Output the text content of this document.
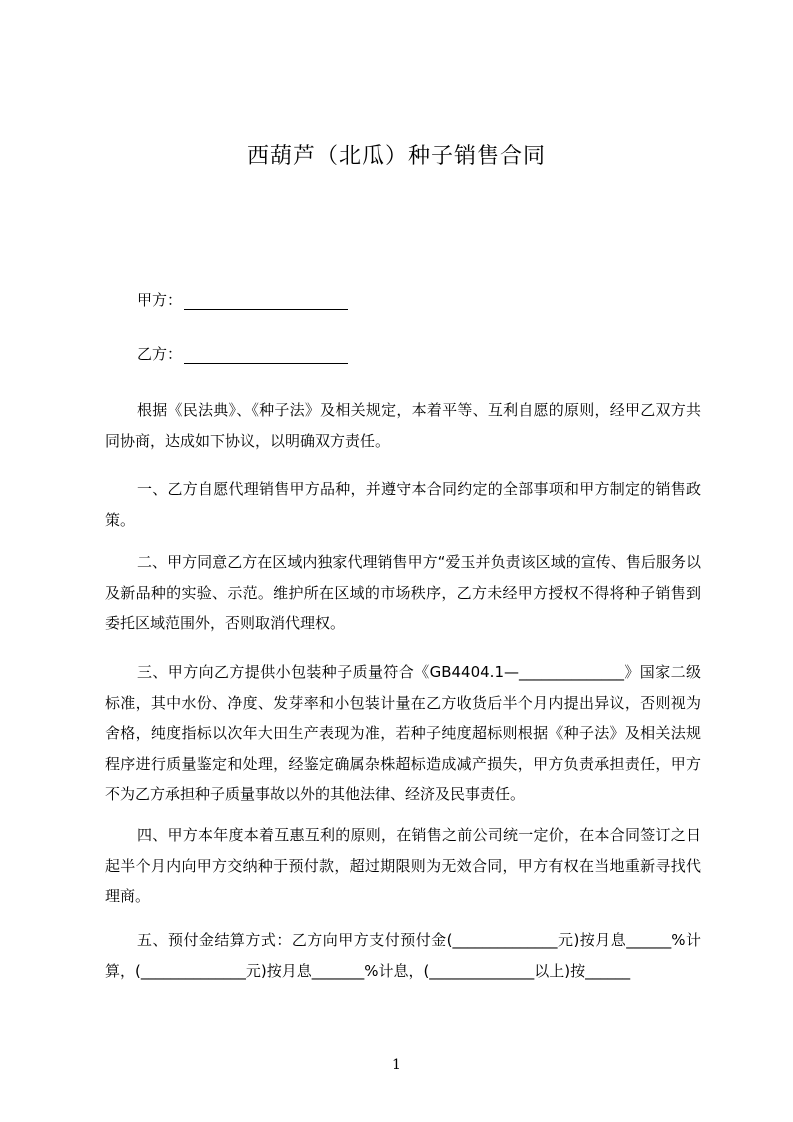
西葫芦（北瓜）种子销售合同
甲方：
乙方：

根据《民法典》、《种子法》及相关规定，本着平等、互利自愿的原则，经甲乙双方共同协商，达成如下协议，以明确双方责任。

一、乙方自愿代理销售甲方品种，并遵守本合同约定的全部事项和甲方制定的销售政策。

二、甲方同意乙方在区域内独家代理销售甲方“爱玉并负责该区域的宣传、售后服务以及新品种的实验、示范。维护所在区域的市场秩序，乙方未经甲方授权不得将种子销售到委托区域范围外，否则取消代理权。

三、甲方向乙方提供小包装种子质量符合《GB4404.1—______________》国家二级标准，其中水份、净度、发芽率和小包装计量在乙方收货后半个月内提出异议，否则视为舍格，纯度指标以次年大田生产表现为准，若种子纯度超标则根据《种子法》及相关法规程序进行质量鉴定和处理，经鉴定确属杂株超标造成减产损失，甲方负责承担责任，甲方不为乙方承担种子质量事故以外的其他法律、经济及民事责任。

四、甲方本年度本着互惠互利的原则，在销售之前公司统一定价，在本合同签订之日起半个月内向甲方交纳种于预付款，超过期限则为无效合同，甲方有权在当地重新寻找代理商。

五、预付金结算方式：乙方向甲方支付预付金(______________元)按月息______%计算，(______________元)按月息_______%计息，(______________以上)按______

1
